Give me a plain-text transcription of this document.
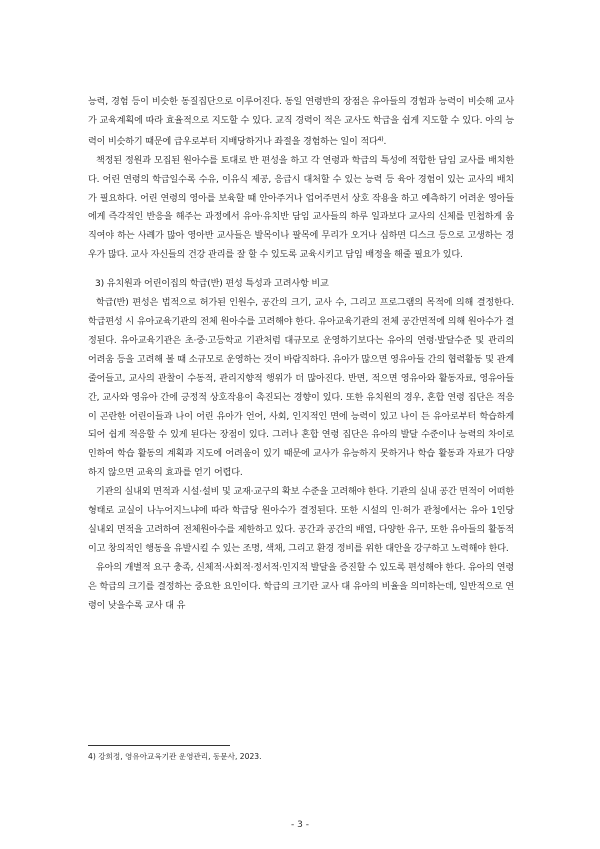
능력, 경험 등이 비슷한 동질집단으로 이루어진다. 동일 연령반의 장점은 유아들의 경험과 능력이 비슷해 교사가 교육계획에 따라 효율적으로 지도할 수 있다. 교직 경력이 적은 교사도 학급을 쉽게 지도할 수 있다. 아의 능력이 비슷하기 때문에 급우로부터 지배당하거나 좌절을 경험하는 일이 적다$^{4)}$.

책정된 정원과 모집된 원아수를 토대로 반 편성을 하고 각 연령과 학급의 특성에 적합한 담임 교사를 배치한다. 어린 연령의 학급일수록 수유, 이유식 제공, 응급시 대처할 수 있는 능력 등 육아 경험이 있는 교사의 배치가 필요하다. 어린 연령의 영아를 보육할 때 안아주거나 업어주면서 상호 작용을 하고 예측하기 어려운 영아들에게 즉각적인 반응을 해주는 과정에서 유아·유치반 담임 교사들의 하루 일과보다 교사의 신체를 민첩하게 움직여야 하는 사례가 많아 영아반 교사들은 발목이나 팔목에 무리가 오거나 심하면 디스크 등으로 고생하는 경우가 많다. 교사 자신들의 건강 관리를 잘 할 수 있도록 교육시키고 담임 배정을 해줄 필요가 있다.

3) 유치원과 어린이집의 학급(반) 편성 특성과 고려사항 비교

학급(반) 편성은 법적으로 허가된 인원수, 공간의 크기, 교사 수, 그리고 프로그램의 목적에 의해 결정한다. 학급편성 시 유아교육기관의 전체 원아수를 고려해야 한다. 유아교육기관의 전체 공간면적에 의해 원아수가 결정된다. 유아교육기관은 초·중·고등학교 기관처럼 대규모로 운영하기보다는 유아의 연령·발달수준 및 관리의 어려움 등을 고려해 볼 때 소규모로 운영하는 것이 바람직하다. 유아가 많으면 영유아들 간의 협력활동 및 관계 줄어들고, 교사의 관찰이 수동적, 관리지향적 행위가 더 많아진다. 반면, 적으면 영유아와 활동자료, 영유아들 간, 교사와 영유아 간에 긍정적 상호작용이 촉진되는 경향이 있다. 또한 유치원의 경우, 혼합 연령 집단은 적응이 곤란한 어린이들과 나이 어린 유아가 언어, 사회, 인지적인 면에 능력이 있고 나이 든 유아로부터 학습하게 되어 쉽게 적응할 수 있게 된다는 장점이 있다. 그러나 혼합 연령 집단은 유아의 발달 수준이나 능력의 차이로 인하여 학습 활동의 계획과 지도에 어려움이 있기 때문에 교사가 유능하지 못하거나 학습 활동과 자료가 다양하지 않으면 교육의 효과를 얻기 어렵다.

기관의 실내외 면적과 시설·설비 및 교재·교구의 확보 수준을 고려해야 한다. 기관의 실내 공간 면적이 어떠한 형태로 교실이 나누어지느냐에 따라 학급당 원아수가 결정된다. 또한 시설의 인·허가 관청에서는 유아 1인당 실내외 면적을 고려하여 전체원아수를 제한하고 있다. 공간과 공간의 배열, 다양한 유구, 또한 유아들의 활동적이고 창의적인 행동을 유발시킬 수 있는 조명, 색채, 그리고 환경 정비를 위한 대안을 강구하고 노력해야 한다.

유아의 개별적 요구 충족, 신체적·사회적·정서적·인지적 발달을 증진할 수 있도록 편성해야 한다. 유아의 연령은 학급의 크기를 결정하는 중요한 요인이다. 학급의 크기란 교사 대 유아의 비율을 의미하는데, 일반적으로 연령이 낮을수록 교사 대 유

4) 강희정, 영유아교육기관 운영관리, 동문사, 2023.
- 3 -
